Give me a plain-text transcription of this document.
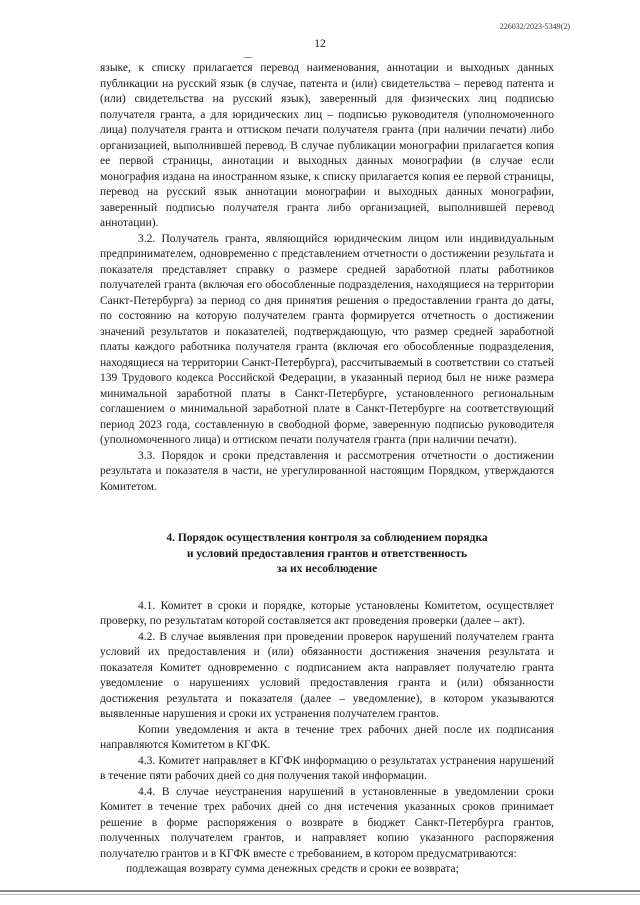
226032/2023-5349(2)
12

языке, к списку прилагается перевод наименования, аннотации и выходных данных публикации на русский язык (в случае, патента и (или) свидетельства – перевод патента и (или) свидетельства на русский язык), заверенный для физических лиц подписью получателя гранта, а для юридических лиц – подписью руководителя (уполномоченного лица) получателя гранта и оттиском печати получателя гранта (при наличии печати) либо организацией, выполнившей перевод. В случае публикации монографии прилагается копия ее первой страницы, аннотации и выходных данных монографии (в случае если монография издана на иностранном языке, к списку прилагается копия ее первой страницы, перевод на русский язык аннотации монографии и выходных данных монографии, заверенный подписью получателя гранта либо организацией, выполнившей перевод аннотации).

3.2. Получатель гранта, являющийся юридическим лицом или индивидуальным предпринимателем, одновременно с представлением отчетности о достижении результата и показателя представляет справку о размере средней заработной платы работников получателей гранта (включая его обособленные подразделения, находящиеся на территории Санкт-Петербурга) за период со дня принятия решения о предоставлении гранта до даты, по состоянию на которую получателем гранта формируется отчетность о достижении значений результатов и показателей, подтверждающую, что размер средней заработной платы каждого работника получателя гранта (включая его обособленные подразделения, находящиеся на территории Санкт-Петербурга), рассчитываемый в соответствии со статьей 139 Трудового кодекса Российской Федерации, в указанный период был не ниже размера минимальной заработной платы в Санкт-Петербурге, установленного региональным соглашением о минимальной заработной плате в Санкт-Петербурге на соответствующий период 2023 года, составленную в свободной форме, заверенную подписью руководителя (уполномоченного лица) и оттиском печати получателя гранта (при наличии печати).

3.3. Порядок и сроки представления и рассмотрения отчетности о достижении результата и показателя в части, не урегулированной настоящим Порядком, утверждаются Комитетом.

4. Порядок осуществления контроля за соблюдением порядка

и условий предоставления грантов и ответственность

за их несоблюдение

4.1. Комитет в сроки и порядке, которые установлены Комитетом, осуществляет проверку, по результатам которой составляется акт проведения проверки (далее – акт).

4.2. В случае выявления при проведении проверок нарушений получателем гранта условий их предоставления и (или) обязанности достижения значения результата и показателя Комитет одновременно с подписанием акта направляет получателю гранта уведомление о нарушениях условий предоставления гранта и (или) обязанности достижения результата и показателя (далее – уведомление), в котором указываются выявленные нарушения и сроки их устранения получателем грантов.

Копии уведомления и акта в течение трех рабочих дней после их подписания направляются Комитетом в КГФК.

4.3. Комитет направляет в КГФК информацию о результатах устранения нарушений в течение пяти рабочих дней со дня получения такой информации.

4.4. В случае неустранения нарушений в установленные в уведомлении сроки Комитет в течение трех рабочих дней со дня истечения указанных сроков принимает решение в форме распоряжения о возврате в бюджет Санкт-Петербурга грантов, полученных получателем грантов, и направляет копию указанного распоряжения получателю грантов и в КГФК вместе с требованием, в котором предусматриваются:

подлежащая возврату сумма денежных средств и сроки ее возврата;
